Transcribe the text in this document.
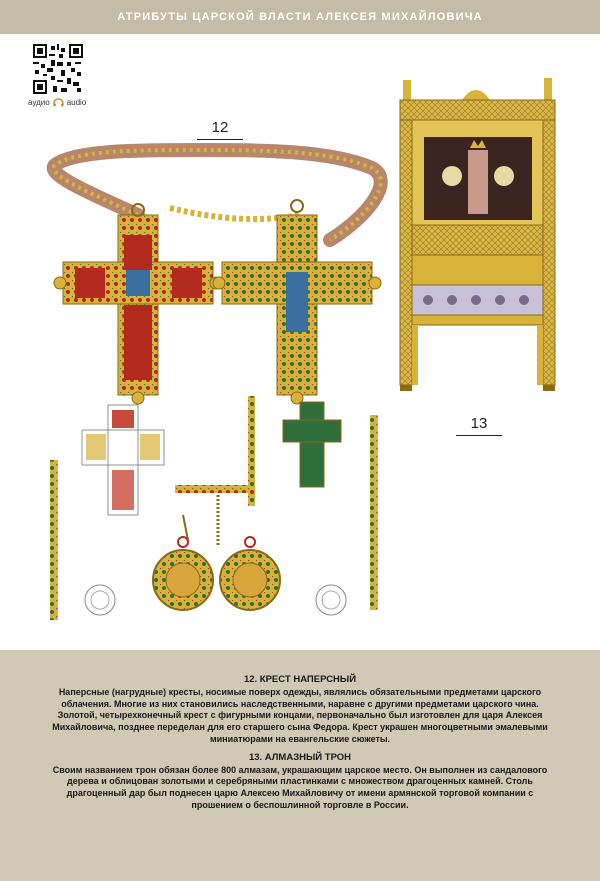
АТРИБУТЫ ЦАРСКОЙ ВЛАСТИ АЛЕКСЕЯ МИХАЙЛОВИЧА
аудио audio
12
13
12. КРЕСТ НАПЕРСНЫЙ

Наперсные (нагрудные) кресты, носимые поверх одежды, являлись обязательными предметами царского облачения. Многие из них становились наследственными, наравне с другими предметами царского чина. Золотой, четырехконечный крест с фигурными концами, первоначально был изготовлен для царя Алексея Михайловича, позднее переделан для его старшего сына Федора. Крест украшен многоцветными эмалевыми миниатюрами на евангельские сюжеты.

13. АЛМАЗНЫЙ ТРОН

Своим названием трон обязан более 800 алмазам, украшающим царское место. Он выполнен из сандалового дерева и облицован золотыми и серебряными пластинками с множеством драгоценных камней. Столь драгоценный дар был поднесен царю Алексею Михайловичу от имени армянской торговой компании с прошением о беспошлинной торговле в России.
